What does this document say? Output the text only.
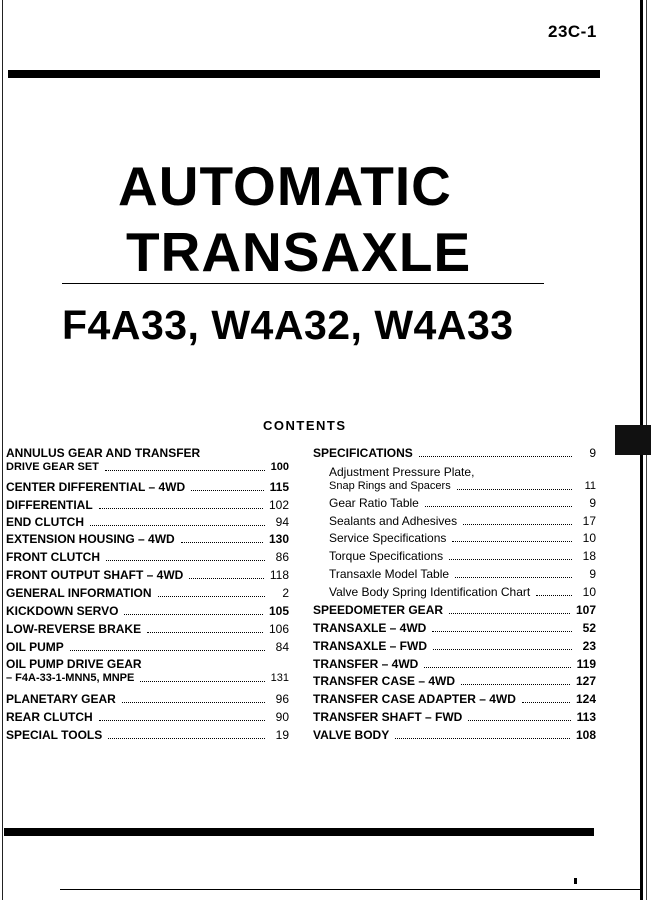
23C-1
AUTOMATIC
TRANSAXLE
F4A33, W4A32, W4A33
CONTENTS
ANNULUS GEAR AND TRANSFER
DRIVE GEAR SET	100
CENTER DIFFERENTIAL – 4WD	115
DIFFERENTIAL	102
END CLUTCH	94
EXTENSION HOUSING – 4WD	130
FRONT CLUTCH	86
FRONT OUTPUT SHAFT – 4WD	118
GENERAL INFORMATION	2
KICKDOWN SERVO	105
LOW-REVERSE BRAKE	106
OIL PUMP	84
OIL PUMP DRIVE GEAR
– F4A-33-1-MNN5, MNPE	131
PLANETARY GEAR	96
REAR CLUTCH	90
SPECIAL TOOLS	19
SPECIFICATIONS	9
Adjustment Pressure Plate,
Snap Rings and Spacers	11
Gear Ratio Table	9
Sealants and Adhesives	17
Service Specifications	10
Torque Specifications	18
Transaxle Model Table	9
Valve Body Spring Identification Chart	10
SPEEDOMETER GEAR	107
TRANSAXLE – 4WD	52
TRANSAXLE – FWD	23
TRANSFER – 4WD	119
TRANSFER CASE – 4WD	127
TRANSFER CASE ADAPTER – 4WD	124
TRANSFER SHAFT – FWD	113
VALVE BODY	108
